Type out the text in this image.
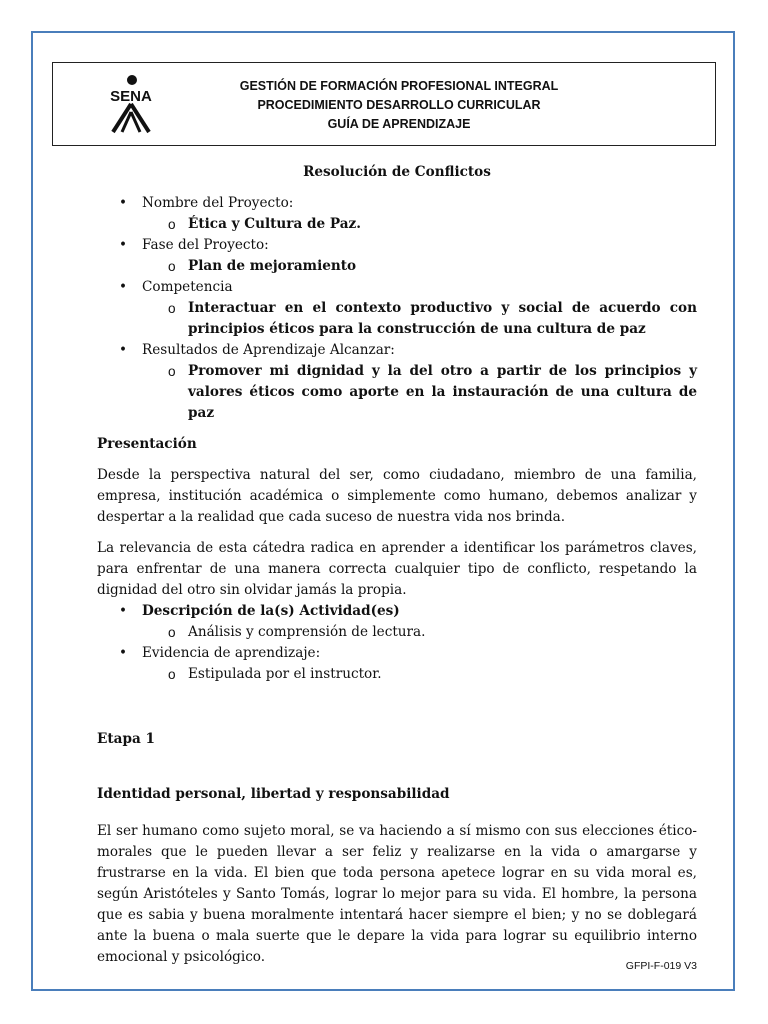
SENA
GESTIÓN DE FORMACIÓN PROFESIONAL INTEGRAL
PROCEDIMIENTO DESARROLLO CURRICULAR
GUÍA DE APRENDIZAJE
Resolución de Conflictos
• Nombre del Proyecto:
o Ética y Cultura de Paz.
• Fase del Proyecto:
o Plan de mejoramiento
• Competencia
o Interactuar en el contexto productivo y social de acuerdo con principios éticos para la construcción de una cultura de paz
• Resultados de Aprendizaje Alcanzar:
o Promover mi dignidad y la del otro a partir de los principios y valores éticos como aporte en la instauración de una cultura de paz
Presentación

Desde la perspectiva natural del ser, como ciudadano, miembro de una familia, empresa, institución académica o simplemente como humano, debemos analizar y despertar a la realidad que cada suceso de nuestra vida nos brinda.

La relevancia de esta cátedra radica en aprender a identificar los parámetros claves, para enfrentar de una manera correcta cualquier tipo de conflicto, respetando la dignidad del otro sin olvidar jamás la propia.

• Descripción de la(s) Actividad(es)
o Análisis y comprensión de lectura.
• Evidencia de aprendizaje:
o Estipulada por el instructor.
Etapa 1
Identidad personal, libertad y responsabilidad

El ser humano como sujeto moral, se va haciendo a sí mismo con sus elecciones ético-morales que le pueden llevar a ser feliz y realizarse en la vida o amargarse y frustrarse en la vida. El bien que toda persona apetece lograr en su vida moral es, según Aristóteles y Santo Tomás, lograr lo mejor para su vida. El hombre, la persona que es sabia y buena moralmente intentará hacer siempre el bien; y no se doblegará ante la buena o mala suerte que le depare la vida para lograr su equilibrio interno emocional y psicológico.

GFPI-F-019 V3
